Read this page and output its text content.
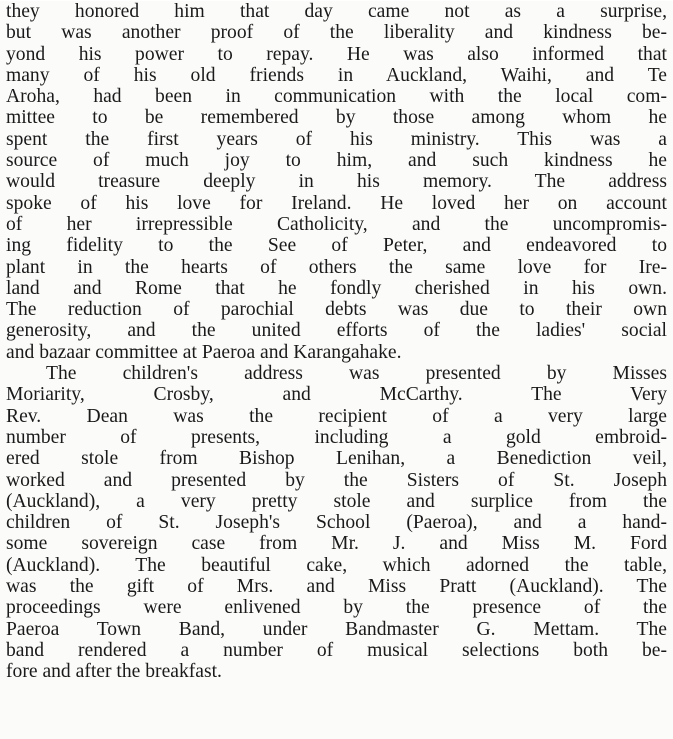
they honored him that day came not as a surprise,
but was another proof of the liberality and kindness be-
yond his power to repay. He was also informed that
many of his old friends in Auckland, Waihi, and Te
Aroha, had been in communication with the local com-
mittee to be remembered by those among whom he
spent the first years of his ministry. This was a
source of much joy to him, and such kindness he
would treasure deeply in his memory. The address
spoke of his love for Ireland. He loved her on account
of her irrepressible Catholicity, and the uncompromis-
ing fidelity to the See of Peter, and endeavored to
plant in the hearts of others the same love for Ire-
land and Rome that he fondly cherished in his own.
The reduction of parochial debts was due to their own
generosity, and the united efforts of the ladies' social
and bazaar committee at Paeroa and Karangahake.
The children's address was presented by Misses
Moriarity, Crosby, and McCarthy. The Very
Rev. Dean was the recipient of a very large
number of presents, including a gold embroid-
ered stole from Bishop Lenihan, a Benediction veil,
worked and presented by the Sisters of St. Joseph
(Auckland), a very pretty stole and surplice from the
children of St. Joseph's School (Paeroa), and a hand-
some sovereign case from Mr. J. and Miss M. Ford
(Auckland). The beautiful cake, which adorned the table,
was the gift of Mrs. and Miss Pratt (Auckland). The
proceedings were enlivened by the presence of the
Paeroa Town Band, under Bandmaster G. Mettam. The
band rendered a number of musical selections both be-
fore and after the breakfast.
